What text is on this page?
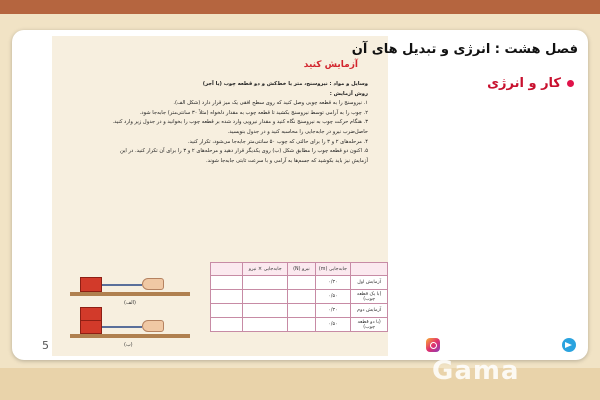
آزمایش کنید
وسایل و مواد : نیروسنج، متر یا خط‌کش و دو قطعه چوب (یا آجر)
روش آزمایش :
۱. نیروسنج را به قطعه چوبی وصل کنید که روی سطح افقی یک میز قرار دارد (شکل الف).
۲. چوب را به آرامی توسط نیروسنج بکشید تا قطعه چوب به مقدار دلخواه (مثلاً ۳۰ سانتی‌متر) جابه‌جا شود.
۳. هنگام حرکت چوب به نیروسنج نگاه کنید و مقدار نیرویی وارد شده بر قطعه چوب را بخوانید و در جدول زیر وارد کنید.
حاصل‌ضرب نیرو در جابه‌جایی را محاسبه کنید و در جدول بنویسید.
۴. مرحله‌های ۲ و ۳ را برای حالتی که چوب ۵۰ سانتی‌متر جابه‌جا می‌شود، تکرار کنید.
۵. اکنون دو قطعه چوب را مطابق شکل (ب) روی یکدیگر قرار دهید و مرحله‌های ۲ و ۳ را برای آن تکرار کنید. در این
آزمایش نیز باید بکوشید که جسم‌ها به آرامی و با سرعت ثابتی جابه‌جا شوند.
(الف)
(ب)
	جابه‌جایی (m)	نیرو (N)	جابه‌جایی × نیرو	
آزمایش اول	۰/۳۰			
(با یک قطعه چوب)	۰/۵۰			
آزمایش دوم	۰/۳۰			
(با دو قطعه چوب)	۰/۵۰			
فصل هشت : انرژی و تبدیل های آن
کار و انرژی
5
Gama
